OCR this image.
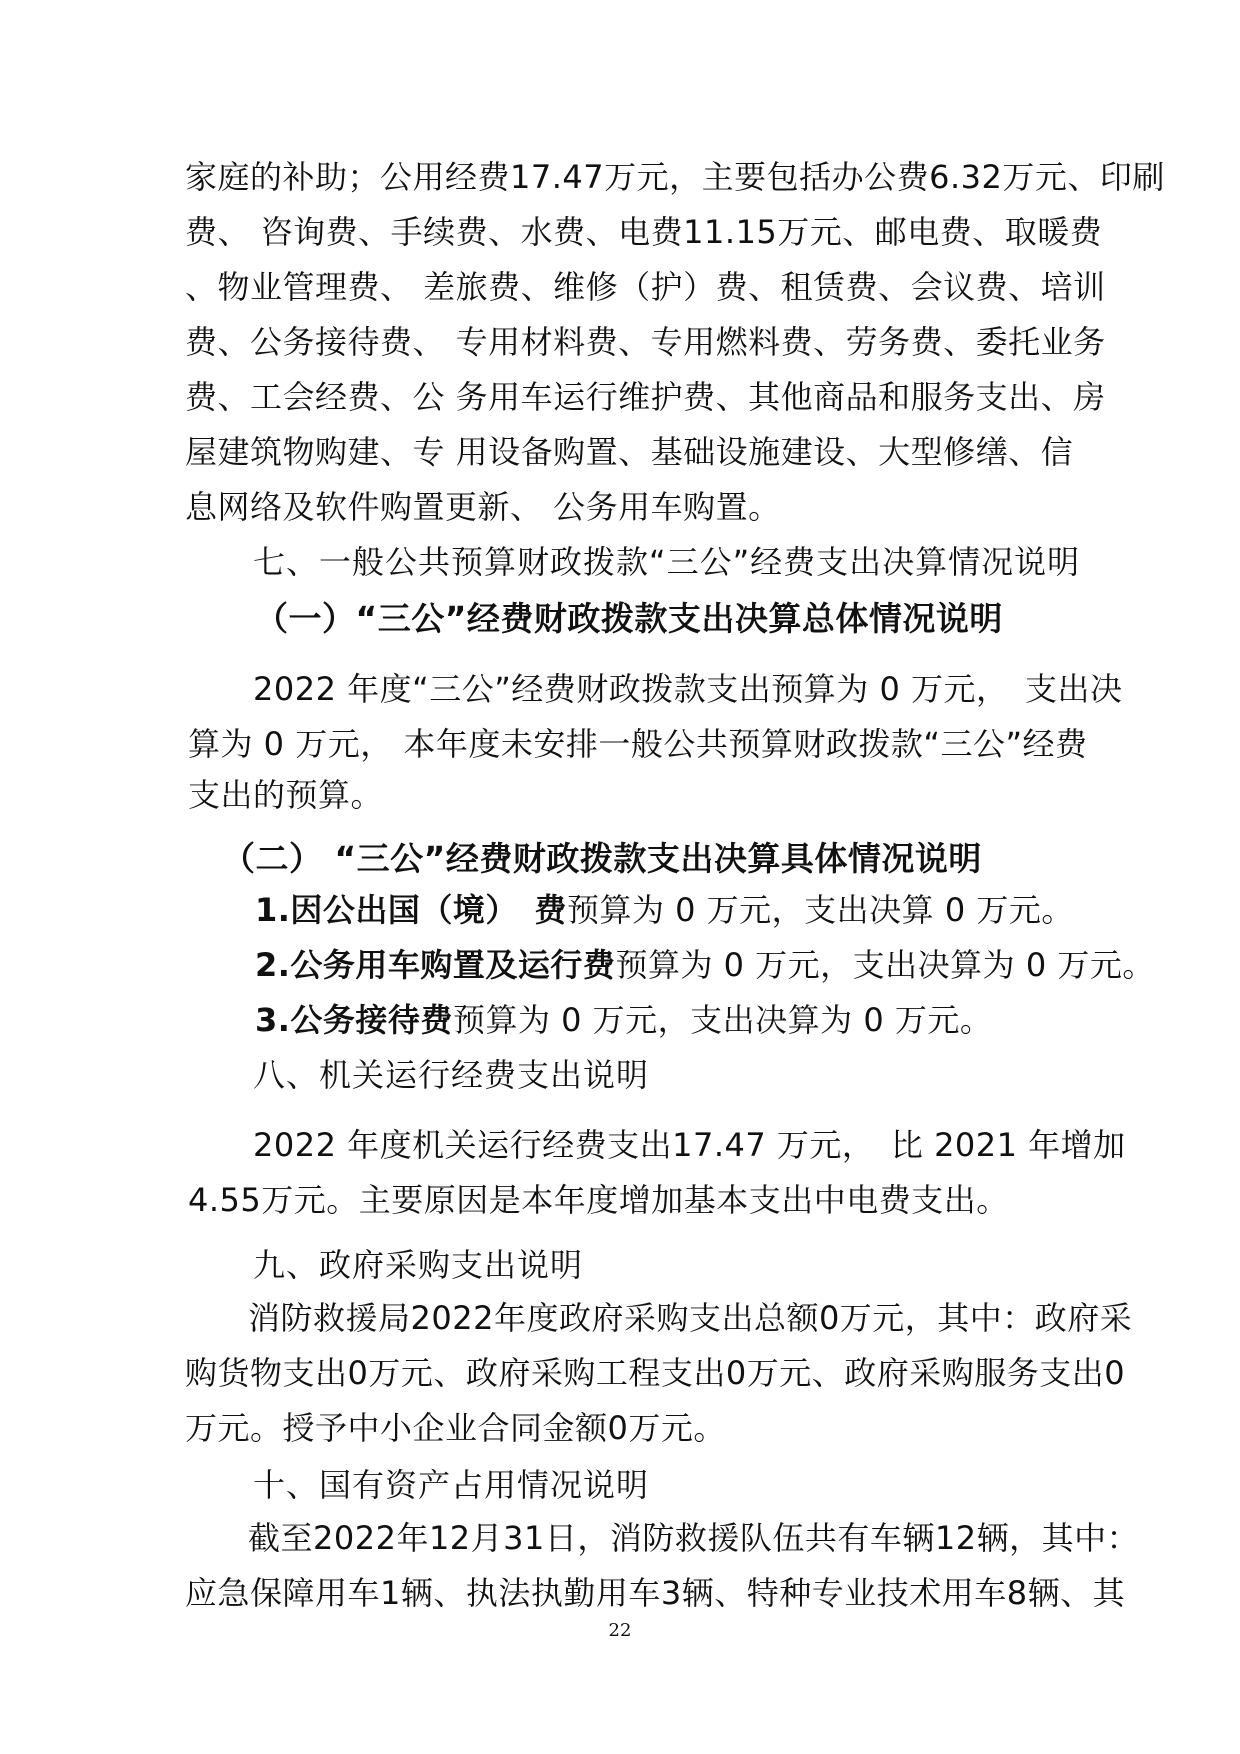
家庭的补助；公用经费17.47万元，主要包括办公费6.32万元、印刷
费、 咨询费、手续费、水费、电费11.15万元、邮电费、取暖费
、物业管理费、 差旅费、维修（护）费、租赁费、会议费、培训
费、公务接待费、 专用材料费、专用燃料费、劳务费、委托业务
费、工会经费、公 务用车运行维护费、其他商品和服务支出、房
屋建筑物购建、专 用设备购置、基础设施建设、大型修缮、信
息网络及软件购置更新、 公务用车购置。
七、一般公共预算财政拨款“三公”经费支出决算情况说明
（一）“三公”经费财政拨款支出决算总体情况说明
2022 年度“三公”经费财政拨款支出预算为 0 万元，　支出决
算为 0 万元， 本年度未安排一般公共预算财政拨款“三公”经费
支出的预算。
（二） “三公”经费财政拨款支出决算具体情况说明
1.因公出国（境）　费预算为 0 万元，支出决算 0 万元。
2.公务用车购置及运行费预算为 0 万元，支出决算为 0 万元。
3.公务接待费预算为 0 万元，支出决算为 0 万元。
八、机关运行经费支出说明
2022 年度机关运行经费支出17.47 万元，　比 2021 年增加
4.55万元。主要原因是本年度增加基本支出中电费支出。
九、政府采购支出说明
消防救援局2022年度政府采购支出总额0万元，其中：政府采
购货物支出0万元、政府采购工程支出0万元、政府采购服务支出0
万元。授予中小企业合同金额0万元。
十、国有资产占用情况说明
截至2022年12月31日，消防救援队伍共有车辆12辆，其中：
应急保障用车1辆、执法执勤用车3辆、特种专业技术用车8辆、其
22
